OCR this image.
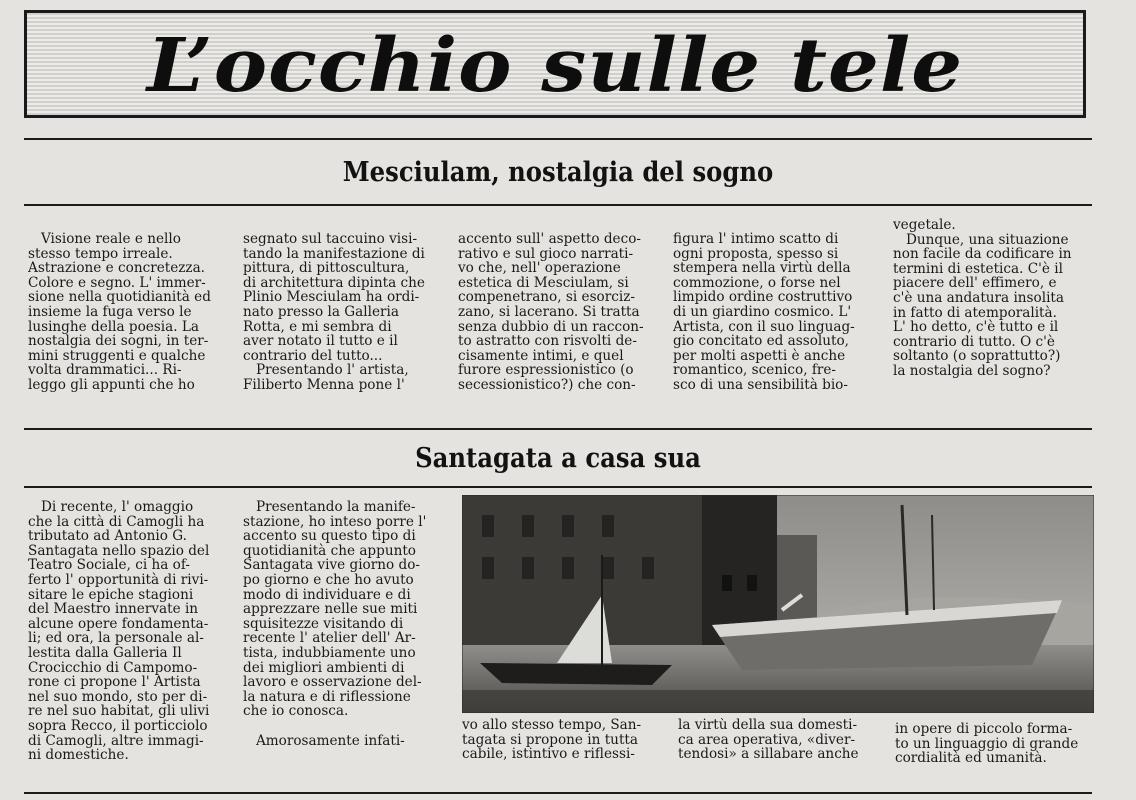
L’occhio sulle tele
Mesciulam, nostalgia del sogno
Visione reale e nello
stesso tempo irreale.
Astrazione e concretezza.
Colore e segno. L' immer-
sione nella quotidianità ed
insieme la fuga verso le
lusinghe della poesia. La
nostalgia dei sogni, in ter-
mini struggenti e qualche
volta drammatici... Ri-
leggo gli appunti che ho
segnato sul taccuino visi-
tando la manifestazione di
pittura, di pittoscultura,
di architettura dipinta che
Plinio Mesciulam ha ordi-
nato presso la Galleria
Rotta, e mi sembra di
aver notato il tutto e il
contrario del tutto...
Presentando l' artista,
Filiberto Menna pone l'
accento sull' aspetto deco-
rativo e sul gioco narrati-
vo che, nell' operazione
estetica di Mesciulam, si
compenetrano, si esorciz-
zano, si lacerano. Si tratta
senza dubbio di un raccon-
to astratto con risvolti de-
cisamente intimi, e quel
furore espressionistico (o
secessionistico?) che con-
figura l' intimo scatto di
ogni proposta, spesso si
stempera nella virtù della
commozione, o forse nel
limpido ordine costruttivo
di un giardino cosmico. L'
Artista, con il suo linguag-
gio concitato ed assoluto,
per molti aspetti è anche
romantico, scenico, fre-
sco di una sensibilità bio-
vegetale.
Dunque, una situazione
non facile da codificare in
termini di estetica. C'è il
piacere dell' effimero, e
c'è una andatura insolita
in fatto di atemporalità.
L' ho detto, c'è tutto e il
contrario di tutto. O c'è
soltanto (o soprattutto?)
la nostalgia del sogno?
Santagata a casa sua
Di recente, l' omaggio
che la città di Camogli ha
tributato ad Antonio G.
Santagata nello spazio del
Teatro Sociale, ci ha of-
ferto l' opportunità di rivi-
sitare le epiche stagioni
del Maestro innervate in
alcune opere fondamenta-
li; ed ora, la personale al-
lestita dalla Galleria Il
Crocicchio di Campomo-
rone ci propone l' Artista
nel suo mondo, sto per di-
re nel suo habitat, gli ulivi
sopra Recco, il porticciolo
di Camogli, altre immagi-
ni domestiche.
Presentando la manife-
stazione, ho inteso porre l'
accento su questo tipo di
quotidianità che appunto
Santagata vive giorno do-
po giorno e che ho avuto
modo di individuare e di
apprezzare nelle sue miti
squisitezze visitando di
recente l' atelier dell' Ar-
tista, indubbiamente uno
dei migliori ambienti di
lavoro e osservazione del-
la natura e di riflessione
che io conosca.

Amorosamente infati-
vo allo stesso tempo, San-
tagata si propone in tutta
cabile, istintivo e riflessi-
la virtù della sua domesti-
ca area operativa, «diver-
tendosi» a sillabare anche
in opere di piccolo forma-
to un linguaggio di grande
cordialità ed umanità.
